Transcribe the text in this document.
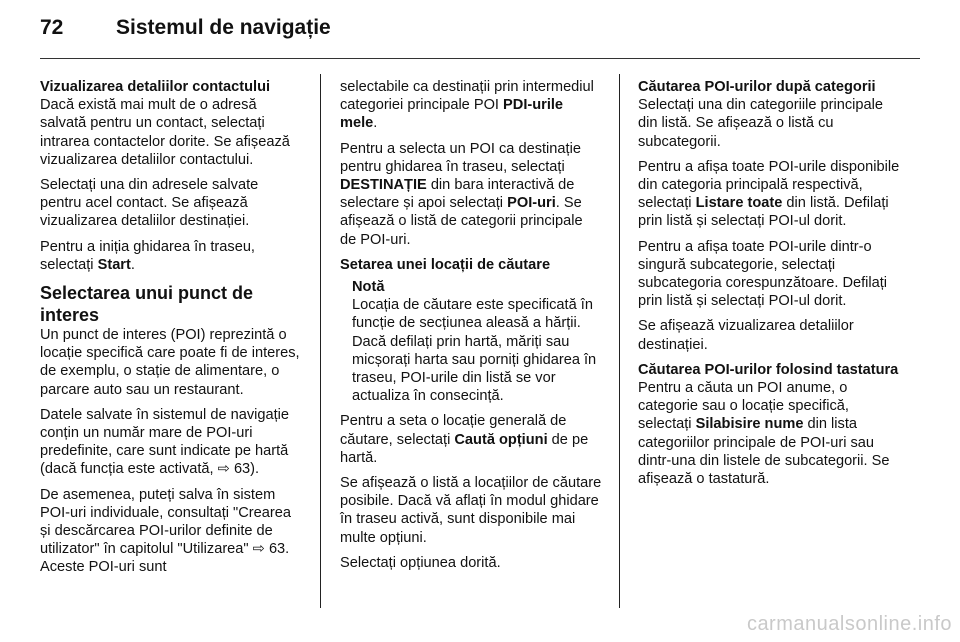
72	Sistemul de navigație

Vizualizarea detaliilor contactului

Dacă există mai mult de o adresă salvată pentru un contact, selectați intrarea contactelor dorite. Se afișează vizualizarea detaliilor contactului.

Selectați una din adresele salvate pentru acel contact. Se afișează vizualizarea detaliilor destinației.

Pentru a iniția ghidarea în traseu, selectați Start.

Selectarea unui punct de interes

Un punct de interes (POI) reprezintă o locație specifică care poate fi de interes, de exemplu, o stație de alimentare, o parcare auto sau un restaurant.

Datele salvate în sistemul de navigație conțin un număr mare de POI-uri predefinite, care sunt indicate pe hartă (dacă funcția este activată, ⇨ 63).

De asemenea, puteți salva în sistem POI-uri individuale, consultați "Crearea și descărcarea POI-urilor definite de utilizator" în capitolul "Utilizarea" ⇨ 63. Aceste POI-uri sunt

selectabile ca destinații prin intermediul categoriei principale POI PDI-urile mele.

Pentru a selecta un POI ca destinație pentru ghidarea în traseu, selectați DESTINAȚIE din bara interactivă de selectare și apoi selectați POI-uri. Se afișează o listă de categorii principale de POI-uri.

Setarea unei locații de căutare

Notă

Locația de căutare este specificată în funcție de secțiunea aleasă a hărții. Dacă defilați prin hartă, măriți sau micșorați harta sau porniți ghidarea în traseu, POI-urile din listă se vor actualiza în consecință.

Pentru a seta o locație generală de căutare, selectați Caută opțiuni de pe hartă.

Se afișează o listă a locațiilor de căutare posibile. Dacă vă aflați în modul ghidare în traseu activă, sunt disponibile mai multe opțiuni.

Selectați opțiunea dorită.

Căutarea POI-urilor după categorii

Selectați una din categoriile principale din listă. Se afișează o listă cu subcategorii.

Pentru a afișa toate POI-urile disponibile din categoria principală respectivă, selectați Listare toate din listă. Defilați prin listă și selectați POI-ul dorit.

Pentru a afișa toate POI-urile dintr-o singură subcategorie, selectați subcategoria corespunzătoare. Defilați prin listă și selectați POI-ul dorit.

Se afișează vizualizarea detaliilor destinației.

Căutarea POI-urilor folosind tastatura

Pentru a căuta un POI anume, o categorie sau o locație specifică, selectați Silabisire nume din lista categoriilor principale de POI-uri sau dintr-una din listele de subcategorii. Se afișează o tastatură.

carmanualsonline.info
